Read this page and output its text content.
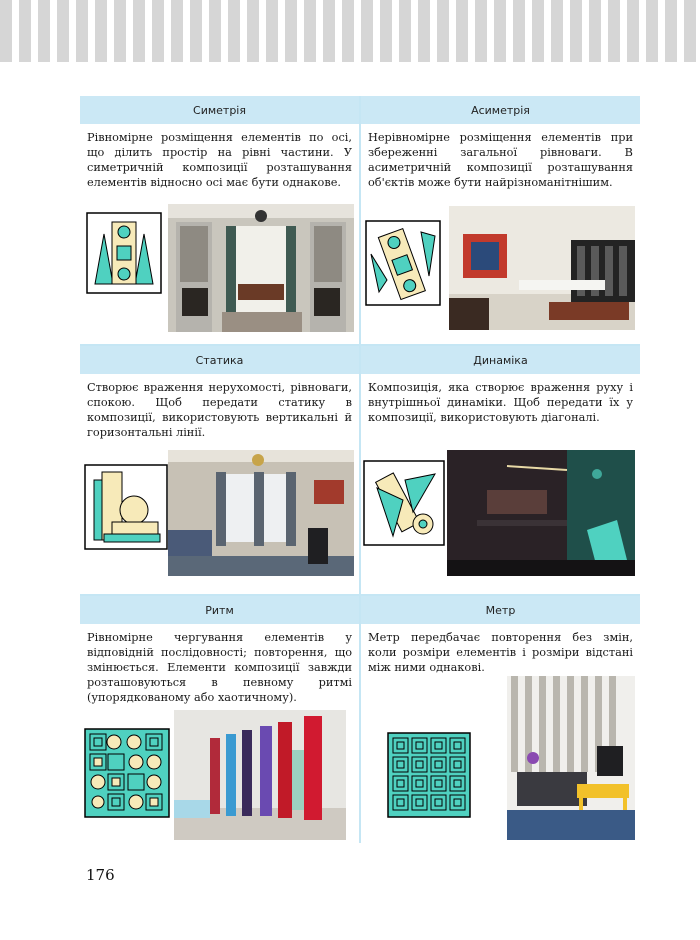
Симетрія
Рівномірне розміщення елементів по осі, що ділить простір на рівні частини. У симетричній композиції розташування елементів відносно осі має бути однакове.
Асиметрія
Нерівномірне розміщення елементів при збереженні загальної рівноваги. В асиметричній композиції розташування об'єктів може бути найрізноманітнішим.
Статика
Створює враження нерухомості, рівноваги, спокою. Щоб передати статику в композиції, використовують вертикальні й горизонтальні лінії.
Динаміка
Композиція, яка створює враження руху і внутрішньої динаміки. Щоб передати їх у композиції, використовують діагоналі.
Ритм
Рівномірне чергування елементів у відповідній послідовності; повторення, що змінюється. Елементи композиції завжди розташовуються в певному ритмі (упорядкованому або хаотичному).
Метр
Метр передбачає повторення без змін, коли розміри елементів і розміри відстані між ними однакові.
176
